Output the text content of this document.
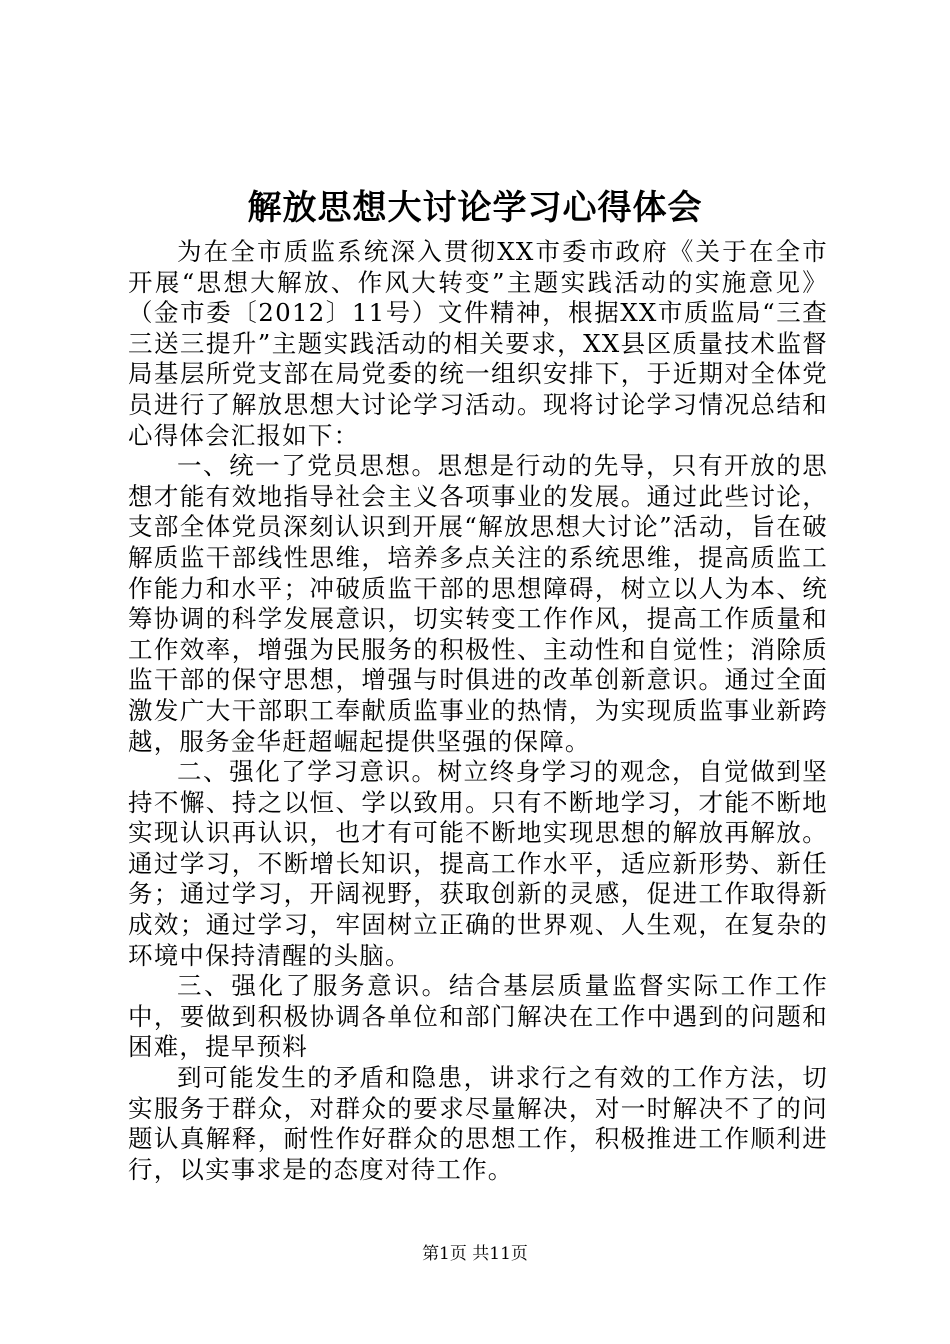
解放思想大讨论学习心得体会

为在全市质监系统深入贯彻XX市委市政府《关于在全市开展“思想大解放、作风大转变”主题实践活动的实施意见》（金市委〔2012〕11号）文件精神，根据XX市质监局“三查三送三提升”主题实践活动的相关要求，XX县区质量技术监督局基层所党支部在局党委的统一组织安排下，于近期对全体党员进行了解放思想大讨论学习活动。现将讨论学习情况总结和心得体会汇报如下：

一、统一了党员思想。思想是行动的先导，只有开放的思想才能有效地指导社会主义各项事业的发展。通过此些讨论，支部全体党员深刻认识到开展“解放思想大讨论”活动，旨在破解质监干部线性思维，培养多点关注的系统思维，提高质监工作能力和水平；冲破质监干部的思想障碍，树立以人为本、统筹协调的科学发展意识，切实转变工作作风，提高工作质量和工作效率，增强为民服务的积极性、主动性和自觉性；消除质监干部的保守思想，增强与时俱进的改革创新意识。通过全面激发广大干部职工奉献质监事业的热情，为实现质监事业新跨越，服务金华赶超崛起提供坚强的保障。

二、强化了学习意识。树立终身学习的观念，自觉做到坚持不懈、持之以恒、学以致用。只有不断地学习，才能不断地实现认识再认识，也才有可能不断地实现思想的解放再解放。通过学习，不断增长知识，提高工作水平，适应新形势、新任务；通过学习，开阔视野，获取创新的灵感，促进工作取得新成效；通过学习，牢固树立正确的世界观、人生观，在复杂的环境中保持清醒的头脑。

三、强化了服务意识。结合基层质量监督实际工作工作中，要做到积极协调各单位和部门解决在工作中遇到的问题和困难，提早预料

到可能发生的矛盾和隐患，讲求行之有效的工作方法，切实服务于群众，对群众的要求尽量解决，对一时解决不了的问题认真解释，耐性作好群众的思想工作，积极推进工作顺利进行，以实事求是的态度对待工作。

第1页 共11页
